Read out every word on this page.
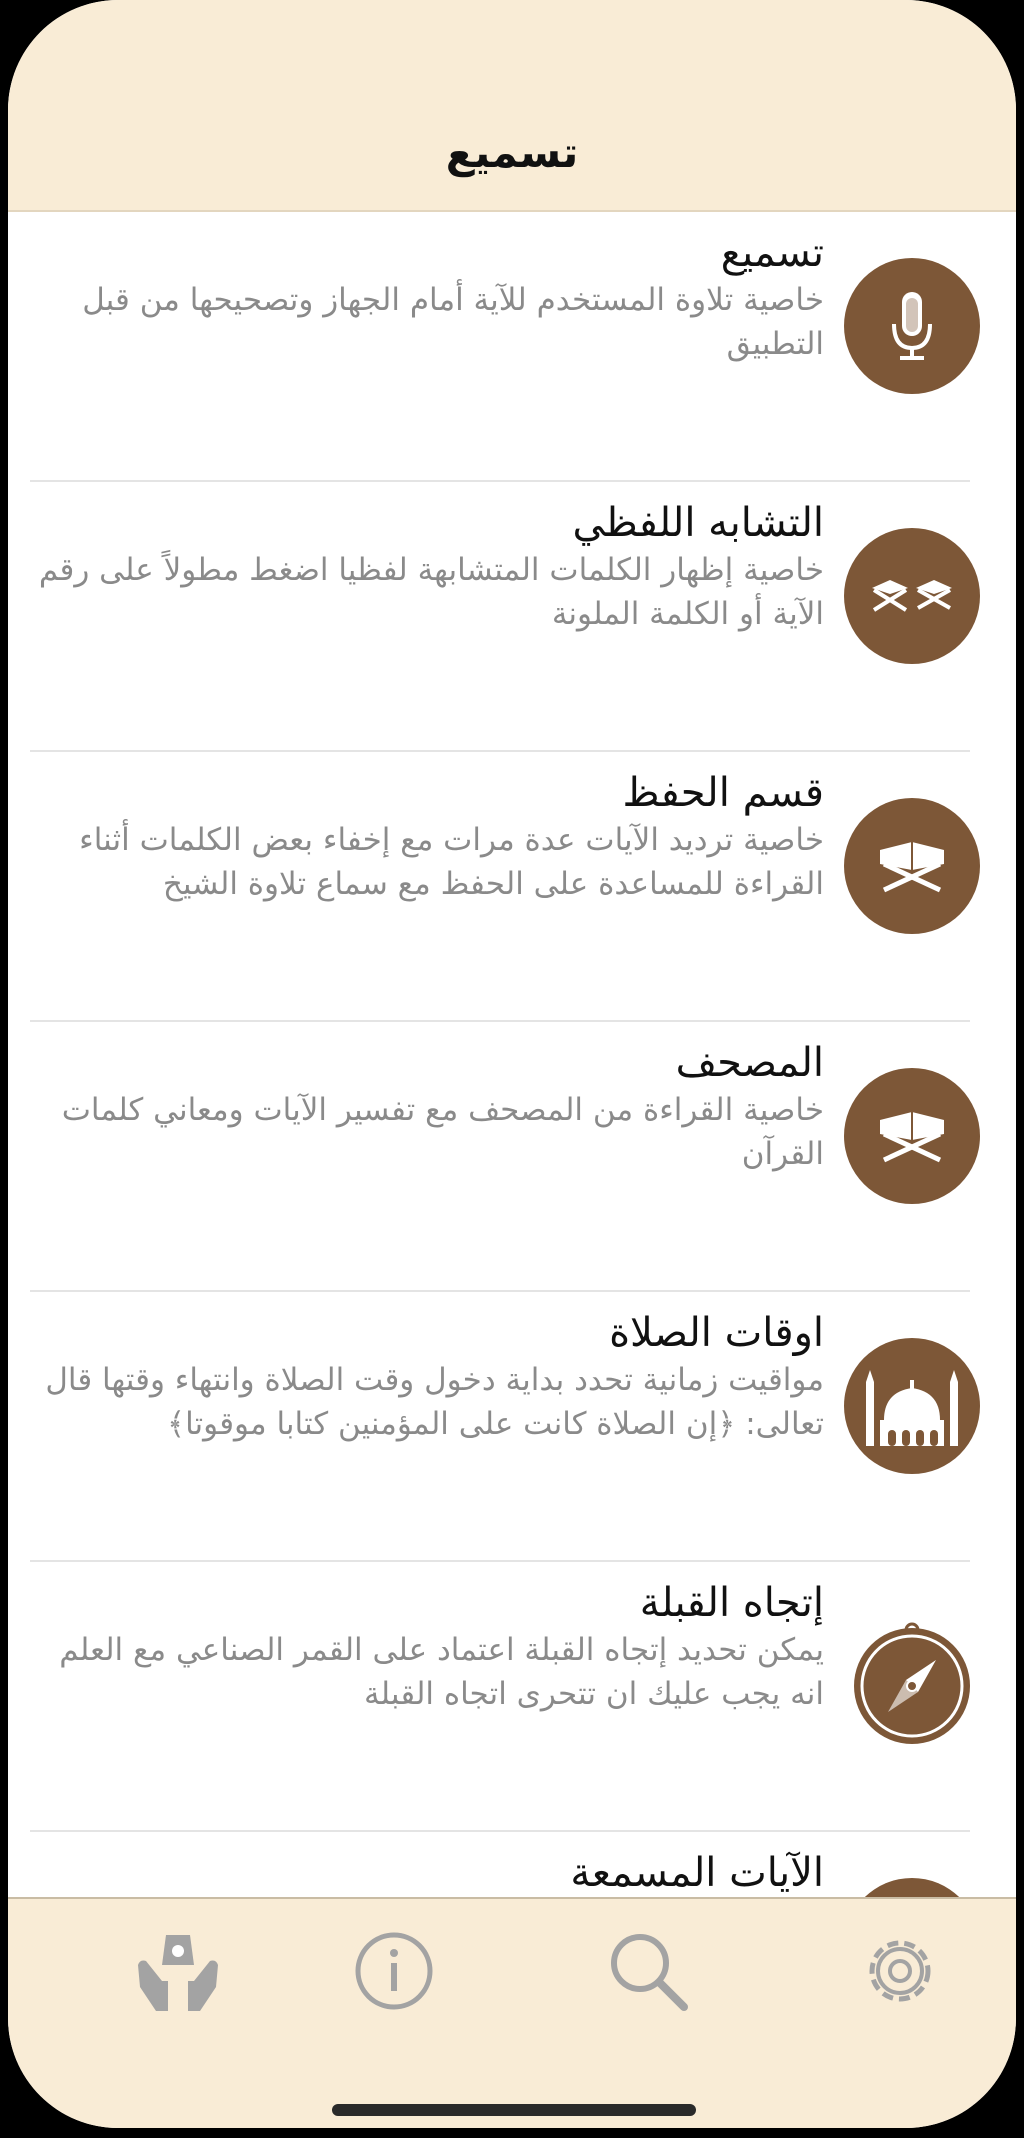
تسميع
تسميع
خاصية تلاوة المستخدم للآية أمام الجهاز وتصحيحها من قبل التطبيق
التشابه اللفظي
خاصية إظهار الكلمات المتشابهة لفظيا اضغط مطولاً على رقم الآية أو الكلمة الملونة
قسم الحفظ
خاصية ترديد الآيات عدة مرات مع إخفاء بعض الكلمات أثناء القراءة للمساعدة على الحفظ مع سماع تلاوة الشيخ
المصحف
خاصية القراءة من المصحف مع تفسير الآيات ومعاني كلمات القرآن
اوقات الصلاة
مواقيت زمانية تحدد بداية دخول وقت الصلاة وانتهاء وقتها قال تعالى: ﴿إن الصلاة كانت على المؤمنين كتابا موقوتا﴾
إتجاه القبلة
يمكن تحديد إتجاه القبلة اعتماد على القمر الصناعي مع العلم انه يجب عليك ان تتحرى اتجاه القبلة
الآيات المسمعة
